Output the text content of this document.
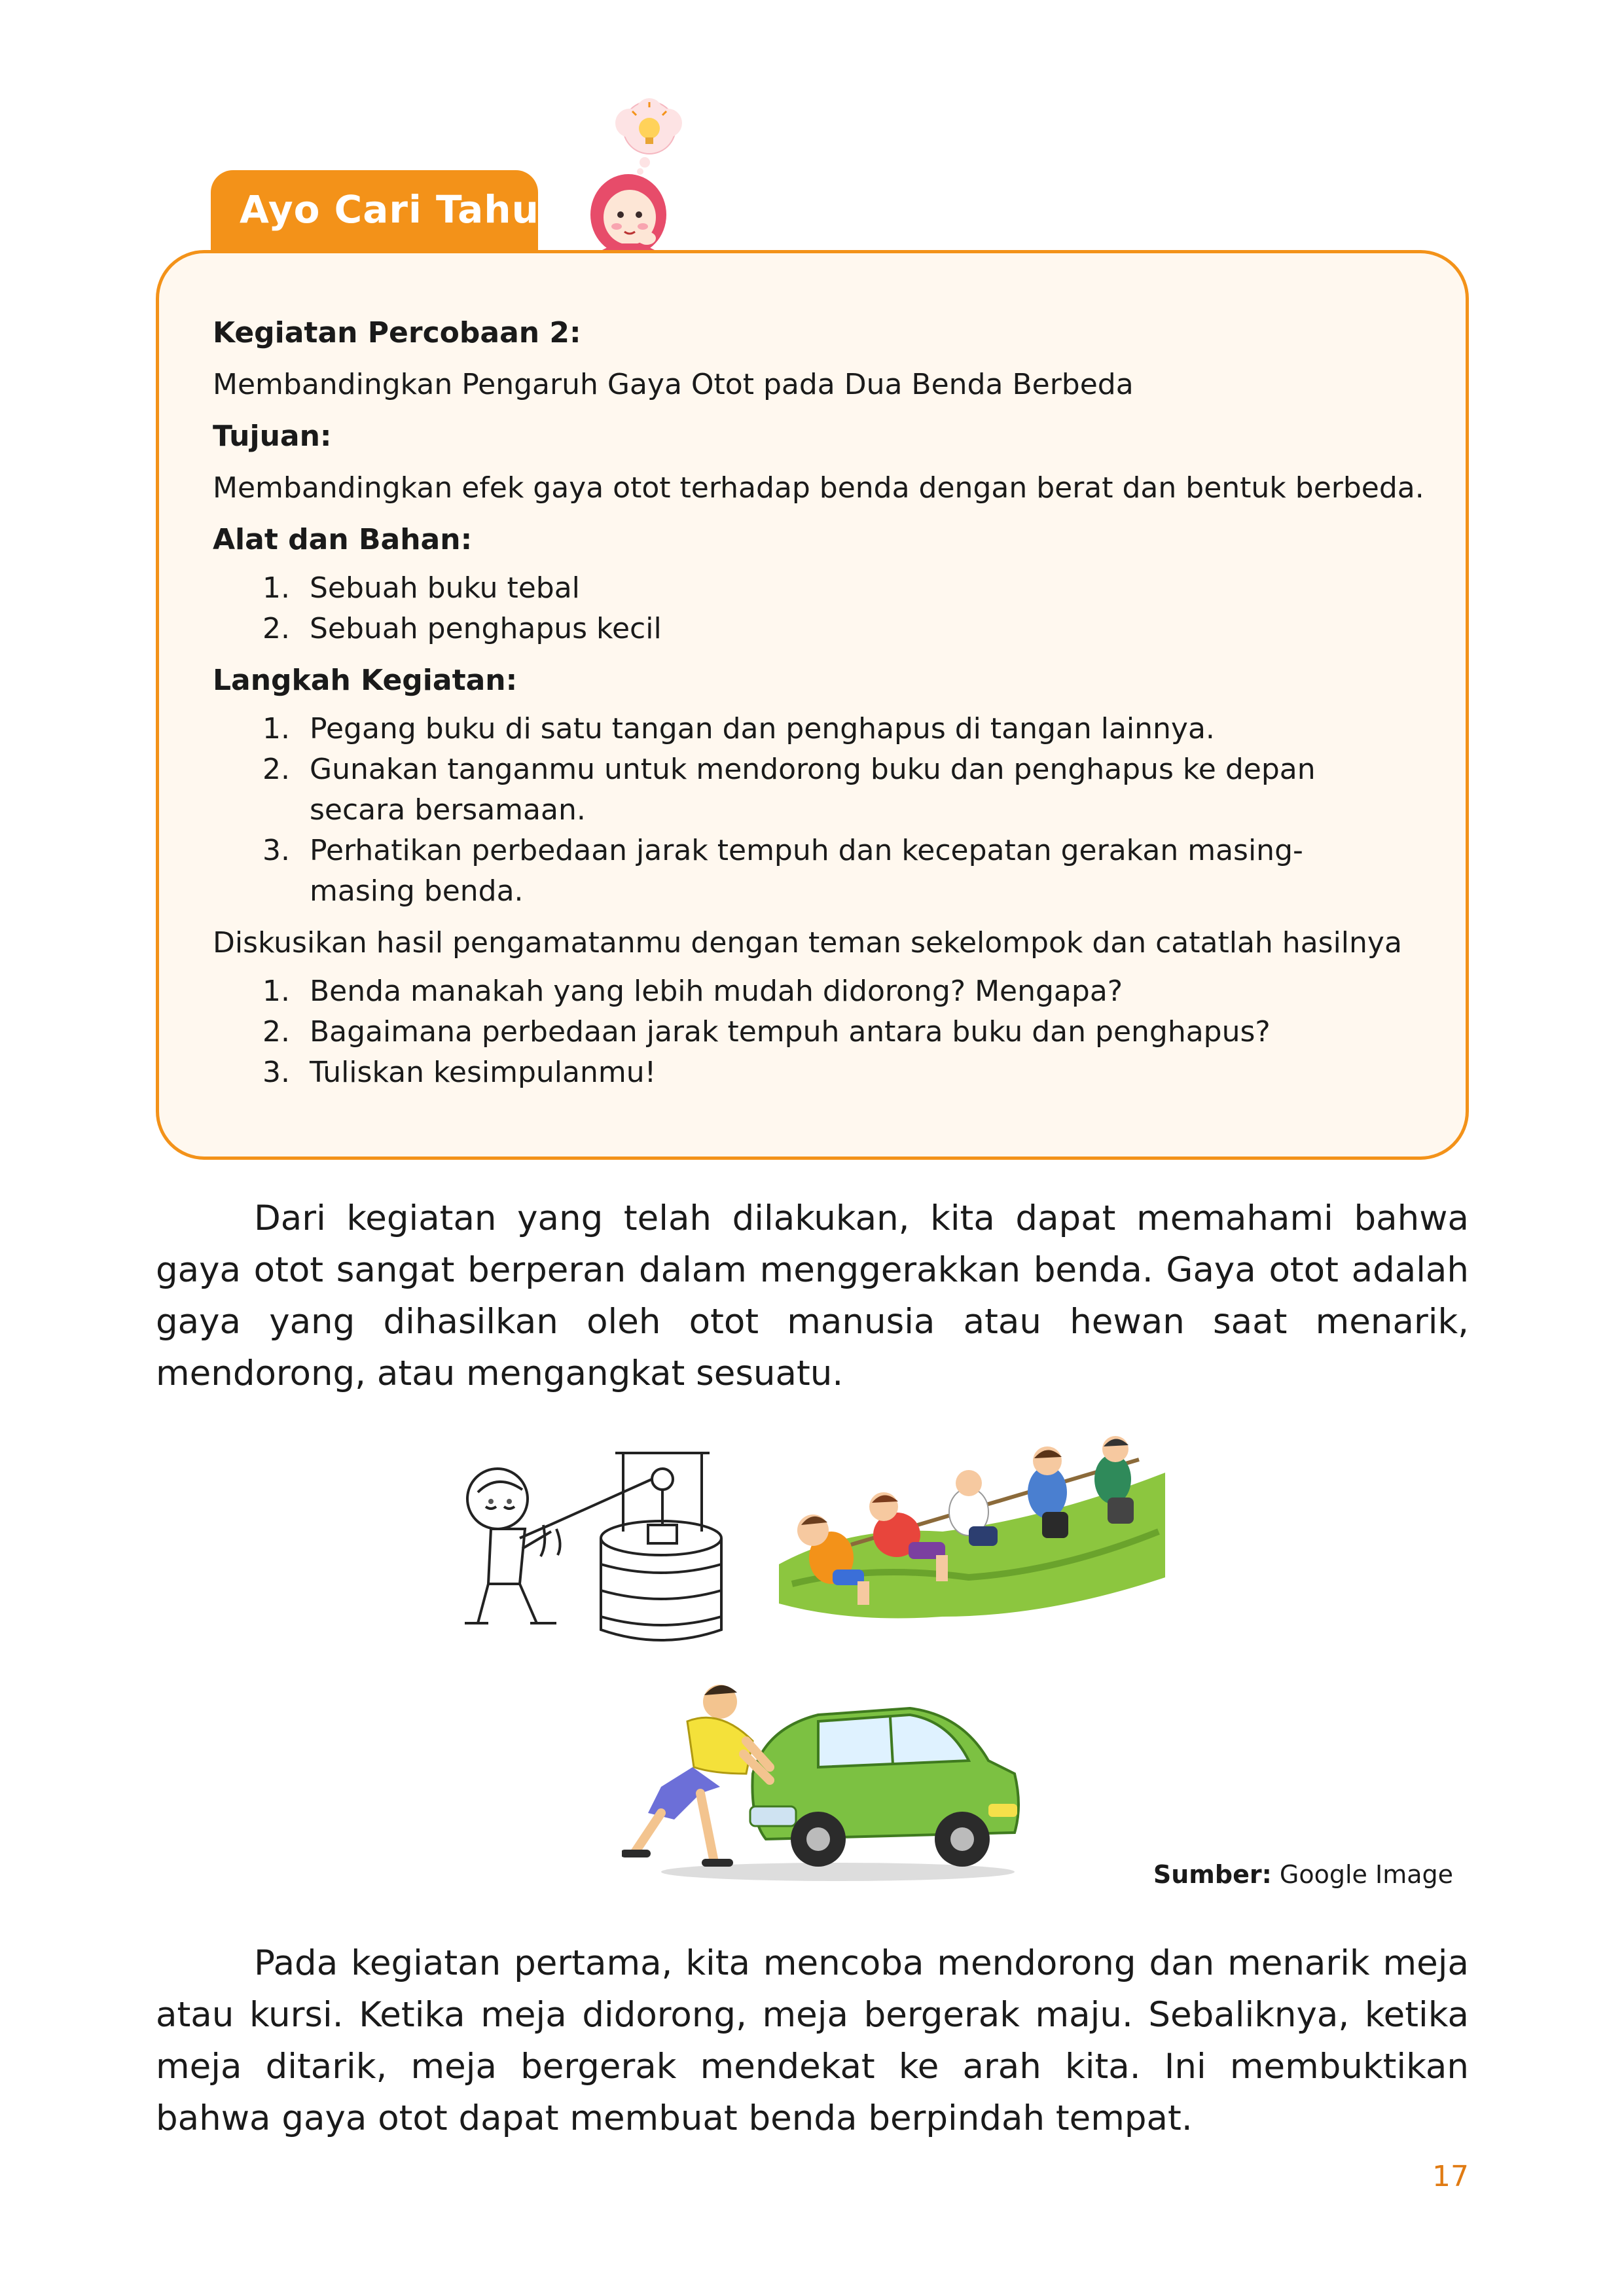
Ayo Cari Tahu!

Kegiatan Percobaan 2:

Membandingkan Pengaruh Gaya Otot pada Dua Benda Berbeda

Tujuan:

Membandingkan efek gaya otot terhadap benda dengan berat dan bentuk berbeda.

Alat dan Bahan:

1. Sebuah buku tebal
2. Sebuah penghapus kecil

Langkah Kegiatan:

1. Pegang buku di satu tangan dan penghapus di tangan lainnya.
2. Gunakan tanganmu untuk mendorong buku dan penghapus ke depan secara bersamaan.
3. Perhatikan perbedaan jarak tempuh dan kecepatan gerakan masing-masing benda.

Diskusikan hasil pengamatanmu dengan teman sekelompok dan catatlah hasilnya

1. Benda manakah yang lebih mudah didorong? Mengapa?
2. Bagaimana perbedaan jarak tempuh antara buku dan penghapus?
3. Tuliskan kesimpulanmu!

Dari kegiatan yang telah dilakukan, kita dapat memahami bahwa gaya otot sangat berperan dalam menggerakkan benda. Gaya otot adalah gaya yang dihasilkan oleh otot manusia atau hewan saat menarik, mendorong, atau mengangkat sesuatu.

Sumber: Google Image

Pada kegiatan pertama, kita mencoba mendorong dan menarik meja atau kursi. Ketika meja didorong, meja bergerak maju. Sebaliknya, ketika meja ditarik, meja bergerak mendekat ke arah kita. Ini membuktikan bahwa gaya otot dapat membuat benda berpindah tempat.

17
